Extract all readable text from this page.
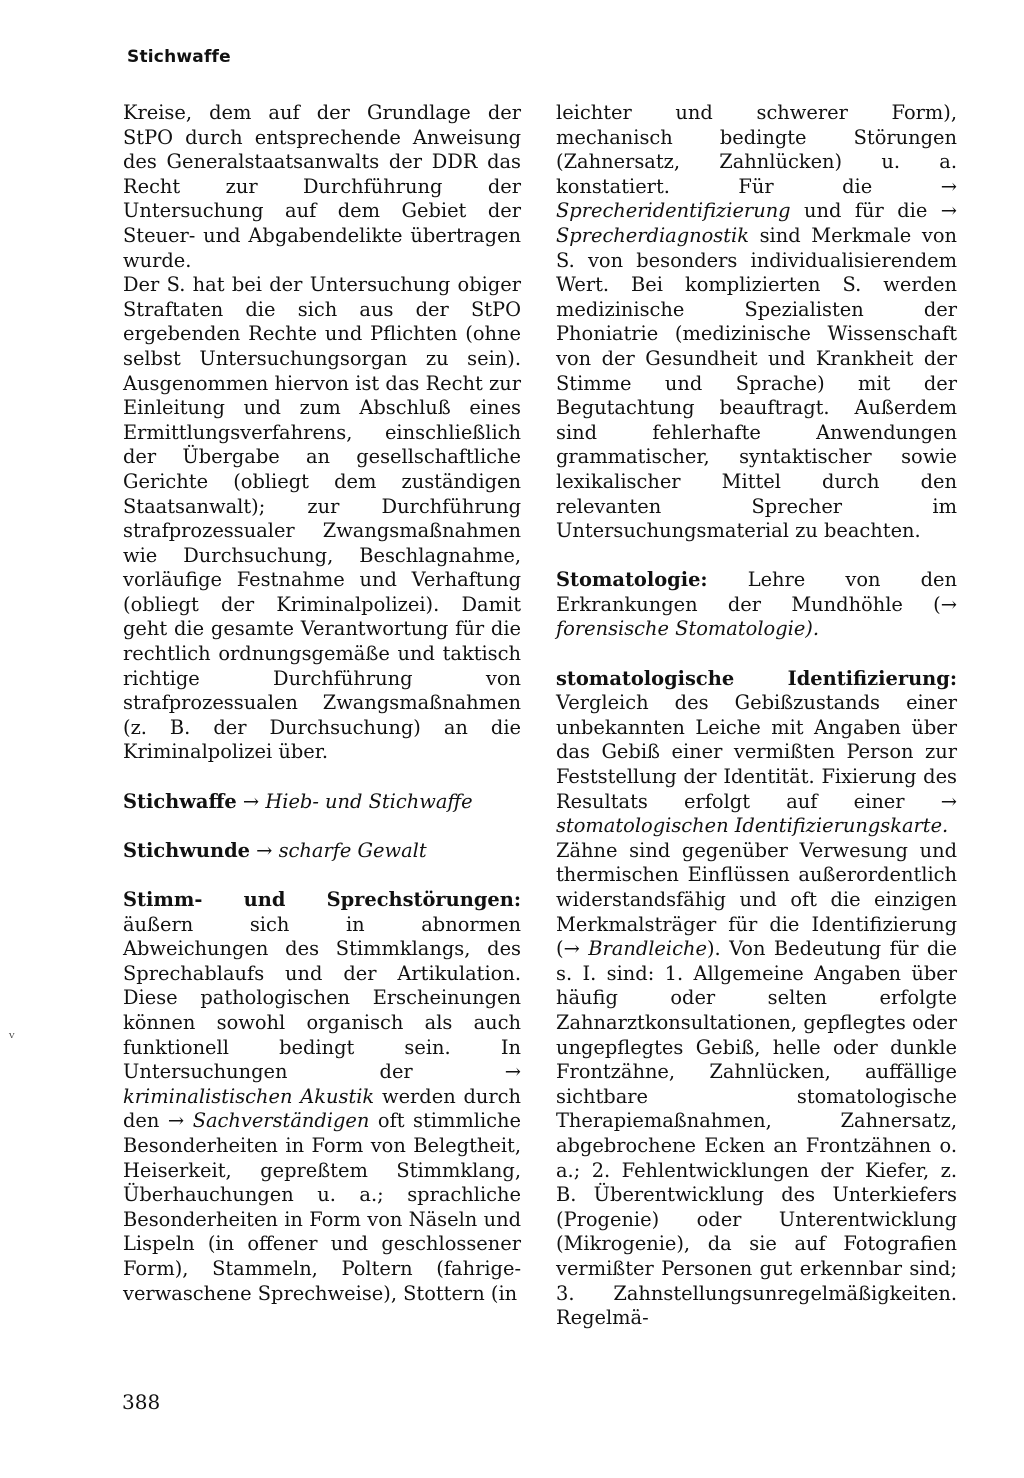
Stichwaffe
ⱽ

Kreise, dem auf der Grundlage der StPO durch entsprechende Anweisung des Generalstaatsanwalts der DDR das Recht zur Durchführung der Untersuchung auf dem Gebiet der Steuer- und Abgabendelikte übertragen wurde.

Der S. hat bei der Untersuchung obiger Straftaten die sich aus der StPO ergebenden Rechte und Pflichten (ohne selbst Untersuchungsorgan zu sein). Ausgenommen hiervon ist das Recht zur Einleitung und zum Abschluß eines Ermittlungsverfahrens, einschließlich der Übergabe an gesellschaftliche Gerichte (obliegt dem zuständigen Staatsanwalt); zur Durchführung strafprozessualer Zwangsmaßnahmen wie Durchsuchung, Beschlagnahme, vorläufige Festnahme und Verhaftung (obliegt der Kriminalpolizei). Damit geht die gesamte Verantwortung für die rechtlich ordnungsgemäße und taktisch richtige Durchführung von strafprozessualen Zwangsmaßnahmen (z. B. der Durchsuchung) an die Kriminalpolizei über.

Stichwaffe → Hieb- und Stichwaffe

Stichwunde → scharfe Gewalt

Stimm- und Sprechstörungen: äußern sich in abnormen Abweichungen des Stimmklangs, des Sprechablaufs und der Artikulation. Diese pathologischen Erscheinungen können sowohl organisch als auch funktionell bedingt sein. In Untersuchungen der → kriminalistischen Akustik werden durch den → Sachverständigen oft stimmliche Besonderheiten in Form von Belegtheit, Heiserkeit, gepreßtem Stimmklang, Überhauchungen u. a.; sprachliche Besonderheiten in Form von Näseln und Lispeln (in offener und geschlossener Form), Stammeln, Poltern (fahrige-verwaschene Sprechweise), Stottern (in

leichter und schwerer Form), mechanisch bedingte Störungen (Zahnersatz, Zahnlücken) u. a. konstatiert. Für die → Sprecheridentifizierung und für die → Sprecherdiagnostik sind Merkmale von S. von besonders individualisierendem Wert. Bei komplizierten S. werden medizinische Spezialisten der Phoniatrie (medizinische Wissenschaft von der Gesundheit und Krankheit der Stimme und Sprache) mit der Begutachtung beauftragt. Außerdem sind fehlerhafte Anwendungen grammatischer, syntaktischer sowie lexikalischer Mittel durch den relevanten Sprecher im Untersuchungsmaterial zu beachten.

Stomatologie: Lehre von den Erkrankungen der Mundhöhle (→ forensische Stomatologie).

stomatologische Identifizierung: Vergleich des Gebißzustands einer unbekannten Leiche mit Angaben über das Gebiß einer vermißten Person zur Feststellung der Identität. Fixierung des Resultats erfolgt auf einer → stomatologischen Identifizierungskarte.

Zähne sind gegenüber Verwesung und thermischen Einflüssen außerordentlich widerstandsfähig und oft die einzigen Merkmalsträger für die Identifizierung (→ Brandleiche). Von Bedeutung für die s. I. sind: 1. Allgemeine Angaben über häufig oder selten erfolgte Zahnarztkonsultationen, gepflegtes oder ungepflegtes Gebiß, helle oder dunkle Frontzähne, Zahnlücken, auffällige sichtbare stomatologische Therapiemaßnahmen, Zahnersatz, abgebrochene Ecken an Frontzähnen o. a.; 2. Fehlentwicklungen der Kiefer, z. B. Überentwicklung des Unterkiefers (Progenie) oder Unterentwicklung (Mikrogenie), da sie auf Fotografien vermißter Personen gut erkennbar sind; 3. Zahnstellungsunregelmäßigkeiten. Regelmä-

388
